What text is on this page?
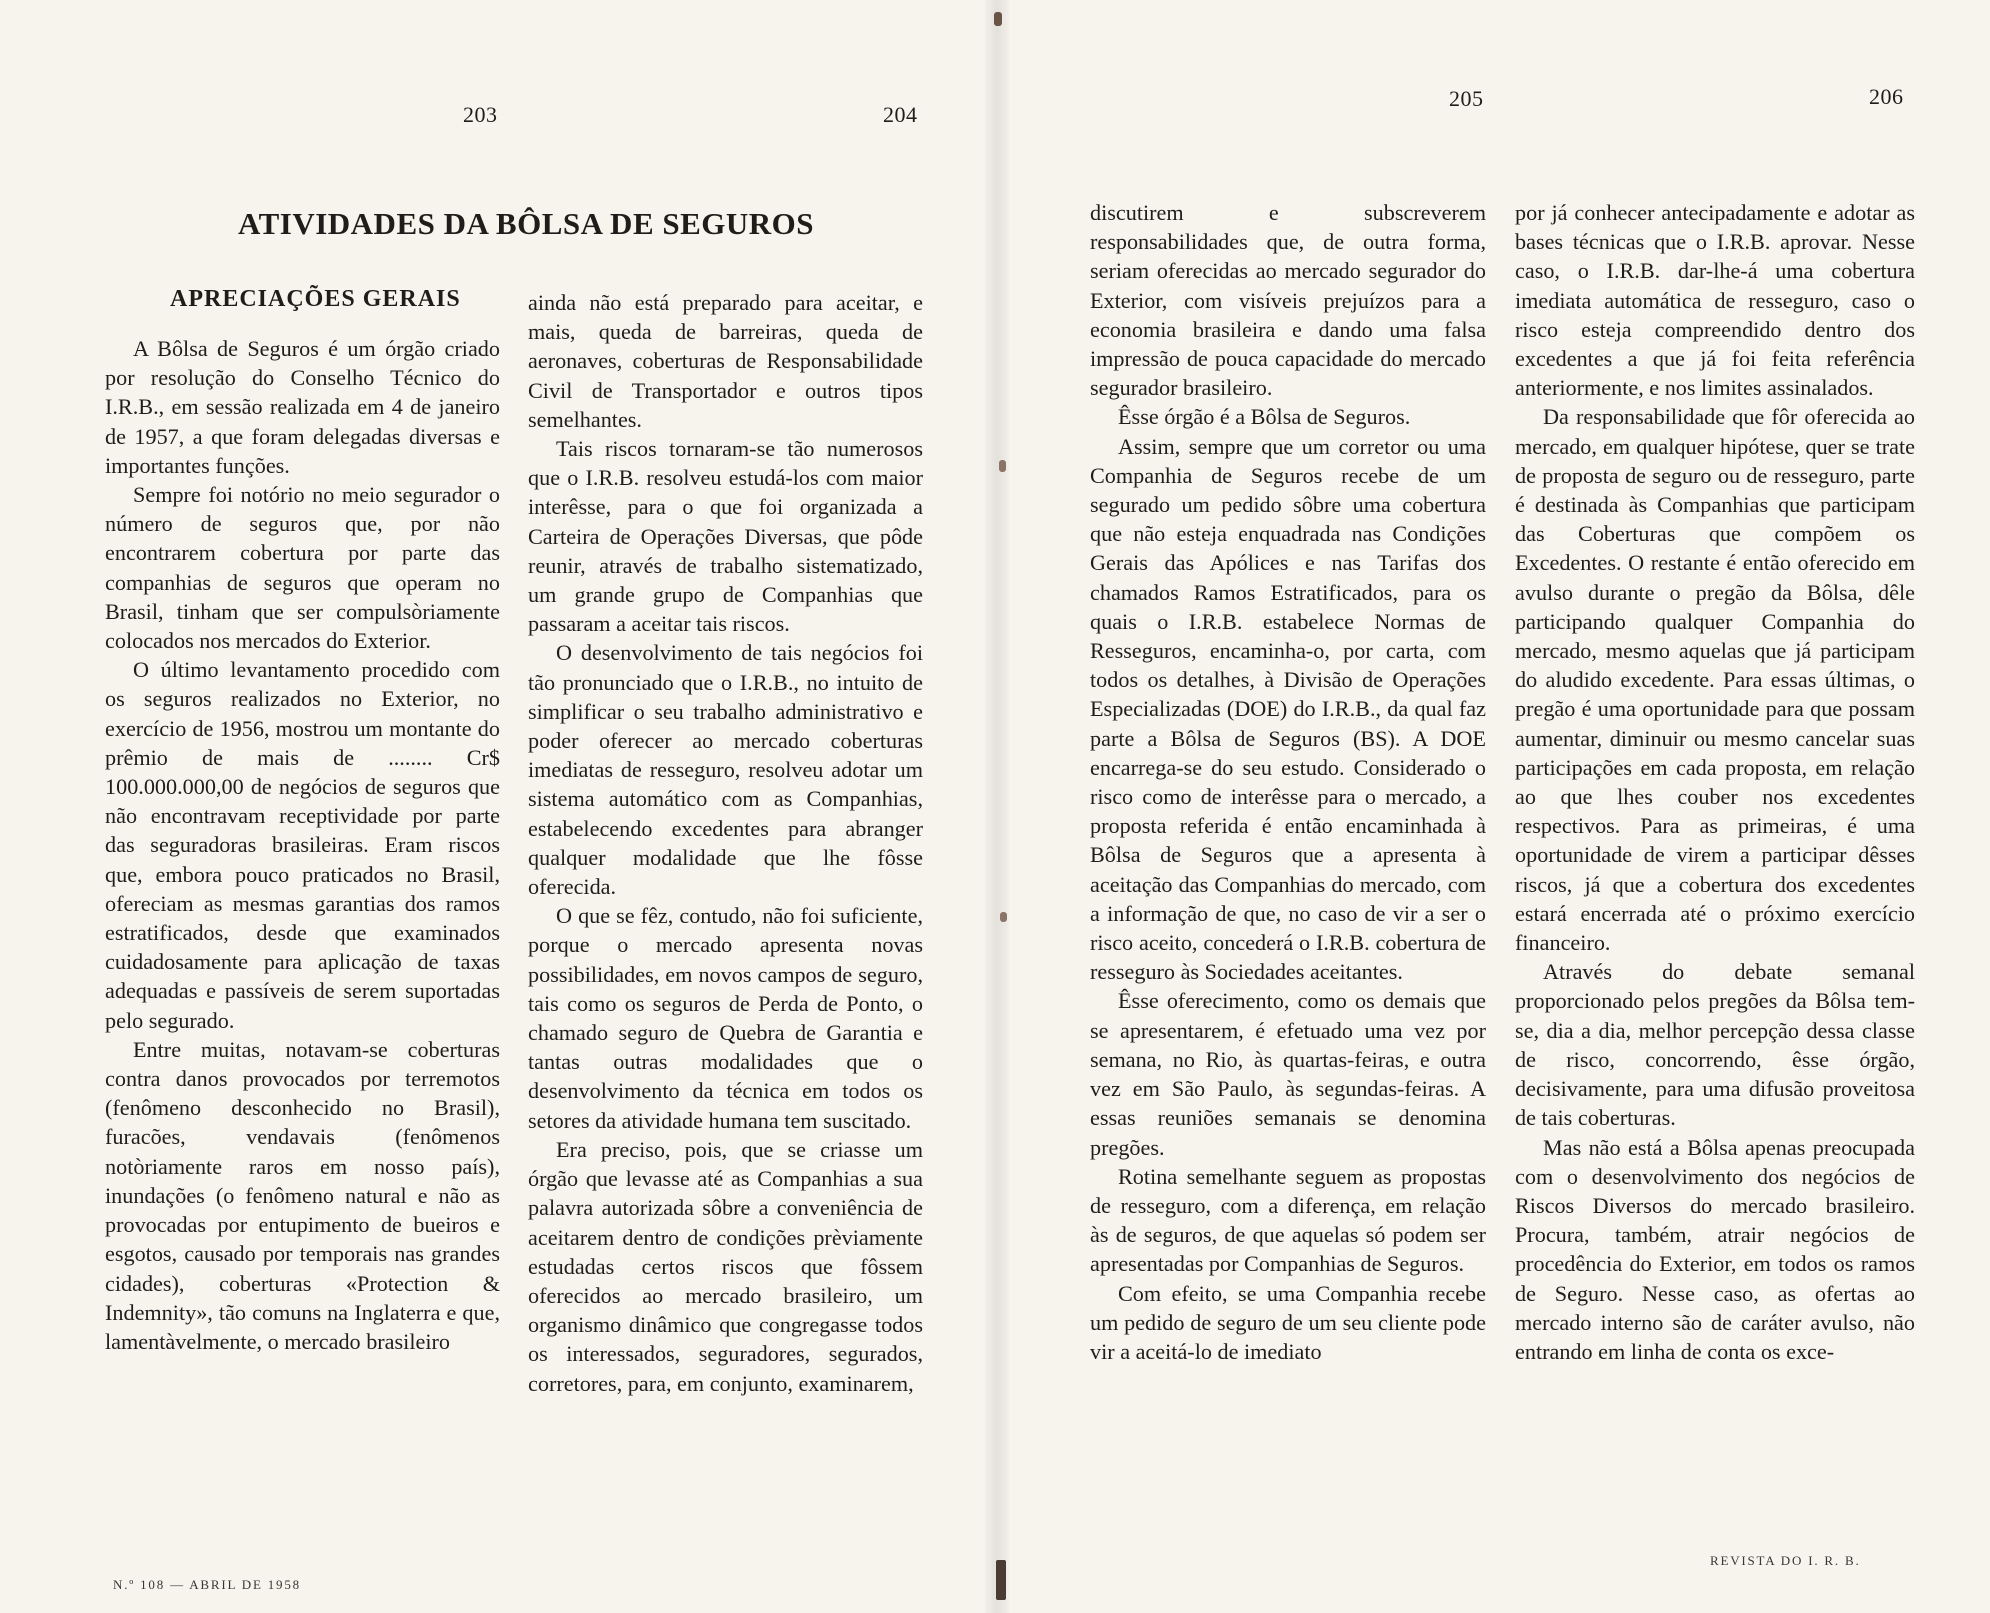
203	204
205	206
ATIVIDADES DA BÔLSA DE SEGUROS
APRECIAÇÕES GERAIS

A Bôlsa de Seguros é um órgão criado por resolução do Conselho Técnico do I.R.B., em sessão realizada em 4 de janeiro de 1957, a que foram delegadas diversas e importantes funções.

Sempre foi notório no meio segurador o número de seguros que, por não encontrarem cobertura por parte das companhias de seguros que operam no Brasil, tinham que ser compulsòriamente colocados nos mercados do Exterior.

O último levantamento procedido com os seguros realizados no Exterior, no exercício de 1956, mostrou um montante do prêmio de mais de ........ Cr$ 100.000.000,00 de negócios de seguros que não encontravam receptividade por parte das seguradoras brasileiras. Eram riscos que, embora pouco praticados no Brasil, ofereciam as mesmas garantias dos ramos estratificados, desde que examinados cuidadosamente para aplicação de taxas adequadas e passíveis de serem suportadas pelo segurado.

Entre muitas, notavam-se coberturas contra danos provocados por terremotos (fenômeno desconhecido no Brasil), furacões, vendavais (fenômenos notòriamente raros em nosso país), inundações (o fenômeno natural e não as provocadas por entupimento de bueiros e esgotos, causado por temporais nas grandes cidades), coberturas «Protection & Indemnity», tão comuns na Inglaterra e que, lamentàvelmente, o mercado brasileiro

ainda não está preparado para aceitar, e mais, queda de barreiras, queda de aeronaves, coberturas de Responsabilidade Civil de Transportador e outros tipos semelhantes.

Tais riscos tornaram-se tão numerosos que o I.R.B. resolveu estudá-los com maior interêsse, para o que foi organizada a Carteira de Operações Diversas, que pôde reunir, através de trabalho sistematizado, um grande grupo de Companhias que passaram a aceitar tais riscos.

O desenvolvimento de tais negócios foi tão pronunciado que o I.R.B., no intuito de simplificar o seu trabalho administrativo e poder oferecer ao mercado coberturas imediatas de resseguro, resolveu adotar um sistema automático com as Companhias, estabelecendo excedentes para abranger qualquer modalidade que lhe fôsse oferecida.

O que se fêz, contudo, não foi suficiente, porque o mercado apresenta novas possibilidades, em novos campos de seguro, tais como os seguros de Perda de Ponto, o chamado seguro de Quebra de Garantia e tantas outras modalidades que o desenvolvimento da técnica em todos os setores da atividade humana tem suscitado.

Era preciso, pois, que se criasse um órgão que levasse até as Companhias a sua palavra autorizada sôbre a conveniência de aceitarem dentro de condições prèviamente estudadas certos riscos que fôssem oferecidos ao mercado brasileiro, um organismo dinâmico que congregasse todos os interessados, seguradores, segurados, corretores, para, em conjunto, examinarem,

discutirem e subscreverem responsabilidades que, de outra forma, seriam oferecidas ao mercado segurador do Exterior, com visíveis prejuízos para a economia brasileira e dando uma falsa impressão de pouca capacidade do mercado segurador brasileiro.

Êsse órgão é a Bôlsa de Seguros.

Assim, sempre que um corretor ou uma Companhia de Seguros recebe de um segurado um pedido sôbre uma cobertura que não esteja enquadrada nas Condições Gerais das Apólices e nas Tarifas dos chamados Ramos Estratificados, para os quais o I.R.B. estabelece Normas de Resseguros, encaminha-o, por carta, com todos os detalhes, à Divisão de Operações Especializadas (DOE) do I.R.B., da qual faz parte a Bôlsa de Seguros (BS). A DOE encarrega-se do seu estudo. Considerado o risco como de interêsse para o mercado, a proposta referida é então encaminhada à Bôlsa de Seguros que a apresenta à aceitação das Companhias do mercado, com a informação de que, no caso de vir a ser o risco aceito, concederá o I.R.B. cobertura de resseguro às Sociedades aceitantes.

Êsse oferecimento, como os demais que se apresentarem, é efetuado uma vez por semana, no Rio, às quartas-feiras, e outra vez em São Paulo, às segundas-feiras. A essas reuniões semanais se denomina pregões.

Rotina semelhante seguem as propostas de resseguro, com a diferença, em relação às de seguros, de que aquelas só podem ser apresentadas por Companhias de Seguros.

Com efeito, se uma Companhia recebe um pedido de seguro de um seu cliente pode vir a aceitá-lo de imediato

por já conhecer antecipadamente e adotar as bases técnicas que o I.R.B. aprovar. Nesse caso, o I.R.B. dar-lhe-á uma cobertura imediata automática de resseguro, caso o risco esteja compreendido dentro dos excedentes a que já foi feita referência anteriormente, e nos limites assinalados.

Da responsabilidade que fôr oferecida ao mercado, em qualquer hipótese, quer se trate de proposta de seguro ou de resseguro, parte é destinada às Companhias que participam das Coberturas que compõem os Excedentes. O restante é então oferecido em avulso durante o pregão da Bôlsa, dêle participando qualquer Companhia do mercado, mesmo aquelas que já participam do aludido excedente. Para essas últimas, o pregão é uma oportunidade para que possam aumentar, diminuir ou mesmo cancelar suas participações em cada proposta, em relação ao que lhes couber nos excedentes respectivos. Para as primeiras, é uma oportunidade de virem a participar dêsses riscos, já que a cobertura dos excedentes estará encerrada até o próximo exercício financeiro.

Através do debate semanal proporcionado pelos pregões da Bôlsa tem-se, dia a dia, melhor percepção dessa classe de risco, concorrendo, êsse órgão, decisivamente, para uma difusão proveitosa de tais coberturas.

Mas não está a Bôlsa apenas preocupada com o desenvolvimento dos negócios de Riscos Diversos do mercado brasileiro. Procura, também, atrair negócios de procedência do Exterior, em todos os ramos de Seguro. Nesse caso, as ofertas ao mercado interno são de caráter avulso, não entrando em linha de conta os exce-

N.º 108 — ABRIL DE 1958
REVISTA DO I. R. B.
